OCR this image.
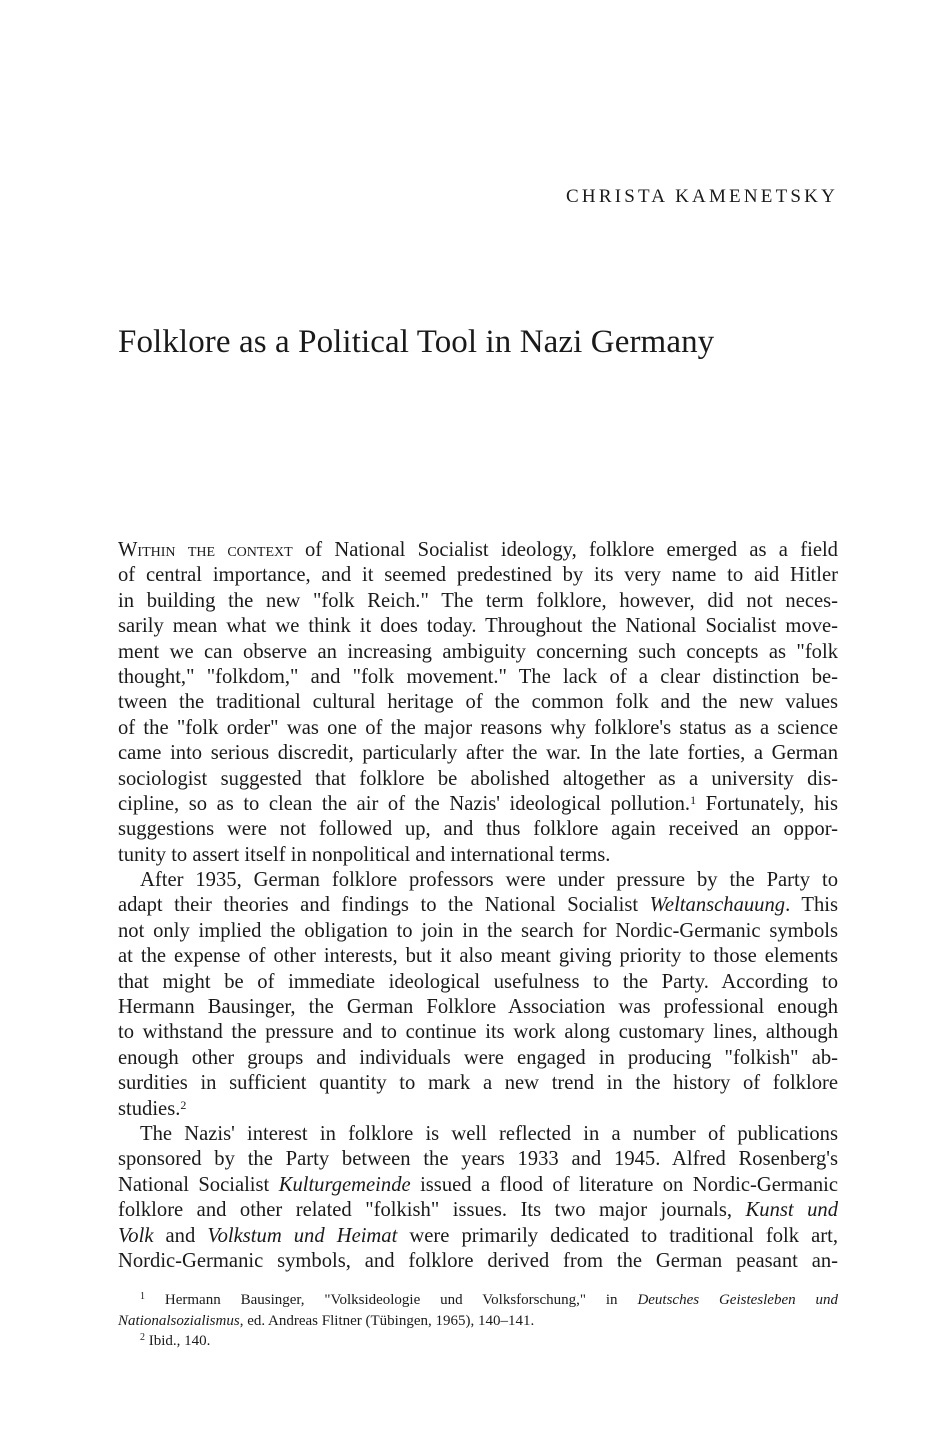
CHRISTA KAMENETSKY
Folklore as a Political Tool in Nazi Germany
Within the context of National Socialist ideology, folklore emerged as a field
of central importance, and it seemed predestined by its very name to aid Hitler
in building the new "folk Reich." The term folklore, however, did not neces-
sarily mean what we think it does today. Throughout the National Socialist move-
ment we can observe an increasing ambiguity concerning such concepts as "folk
thought," "folkdom," and "folk movement." The lack of a clear distinction be-
tween the traditional cultural heritage of the common folk and the new values
of the "folk order" was one of the major reasons why folklore's status as a science
came into serious discredit, particularly after the war. In the late forties, a German
sociologist suggested that folklore be abolished altogether as a university dis-
cipline, so as to clean the air of the Nazis' ideological pollution.$^1$ Fortunately, his
suggestions were not followed up, and thus folklore again received an oppor-
tunity to assert itself in nonpolitical and international terms.
After 1935, German folklore professors were under pressure by the Party to
adapt their theories and findings to the National Socialist Weltanschauung. This
not only implied the obligation to join in the search for Nordic-Germanic symbols
at the expense of other interests, but it also meant giving priority to those elements
that might be of immediate ideological usefulness to the Party. According to
Hermann Bausinger, the German Folklore Association was professional enough
to withstand the pressure and to continue its work along customary lines, although
enough other groups and individuals were engaged in producing "folkish" ab-
surdities in sufficient quantity to mark a new trend in the history of folklore
studies.$^2$
The Nazis' interest in folklore is well reflected in a number of publications
sponsored by the Party between the years 1933 and 1945. Alfred Rosenberg's
National Socialist Kulturgemeinde issued a flood of literature on Nordic-Germanic
folklore and other related "folkish" issues. Its two major journals, Kunst und
Volk and Volkstum und Heimat were primarily dedicated to traditional folk art,
Nordic-Germanic symbols, and folklore derived from the German peasant an-
$^1$ Hermann Bausinger, "Volksideologie und Volksforschung," in Deutsches Geistesleben und
Nationalsozialismus, ed. Andreas Flitner (Tübingen, 1965), 140–141.
$^2$ Ibid., 140.
